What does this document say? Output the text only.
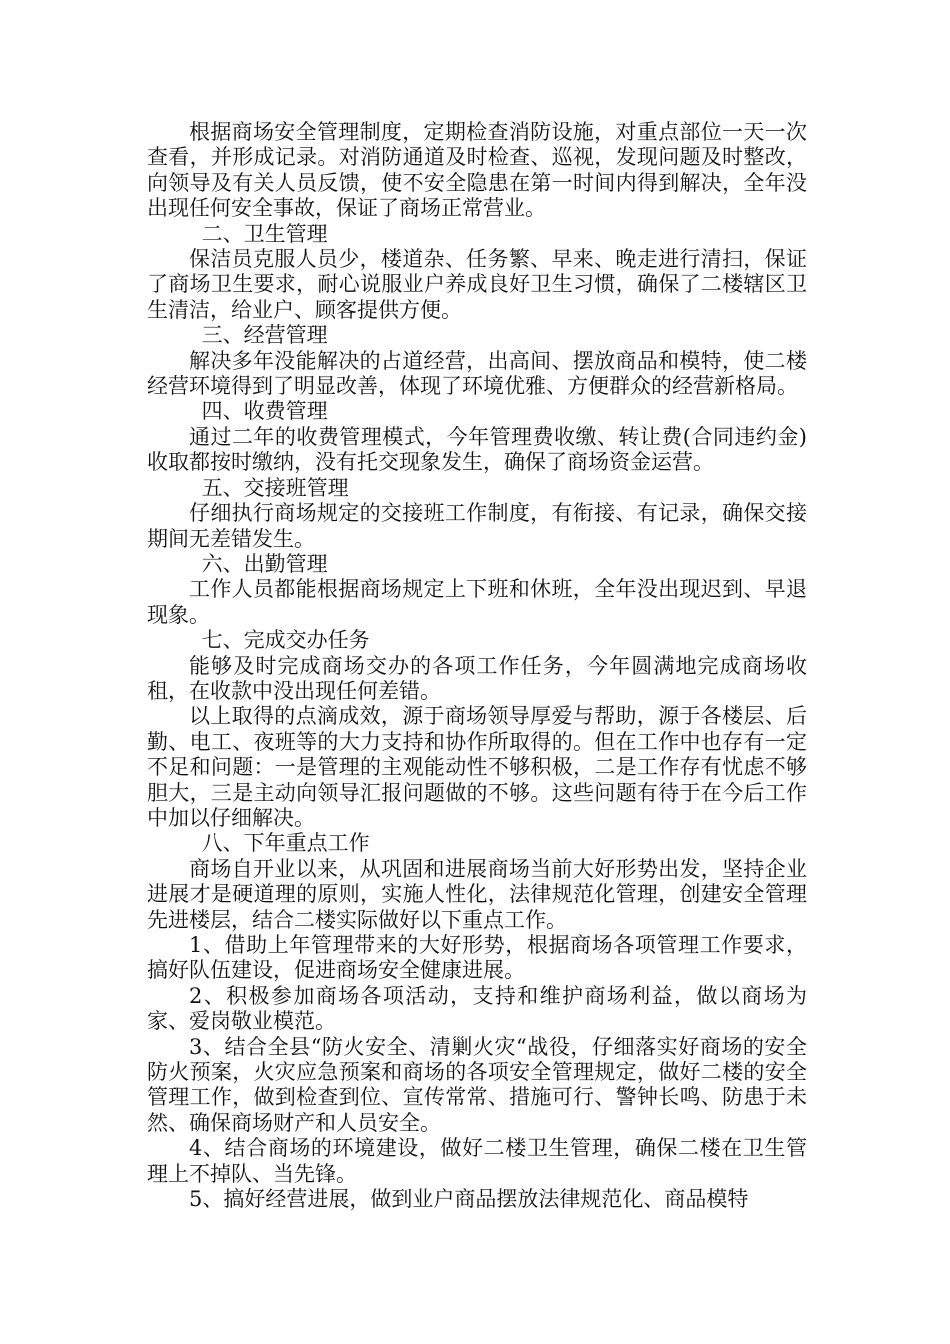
根据商场安全管理制度，定期检查消防设施，对重点部位一天一次查看，并形成记录。对消防通道及时检查、巡视，发现问题及时整改，向领导及有关人员反馈，使不安全隐患在第一时间内得到解决，全年没出现任何安全事故，保证了商场正常营业。

二、卫生管理

保洁员克服人员少，楼道杂、任务繁、早来、晚走进行清扫，保证了商场卫生要求，耐心说服业户养成良好卫生习惯，确保了二楼辖区卫生清洁，给业户、顾客提供方便。

三、经营管理

解决多年没能解决的占道经营，出高间、摆放商品和模特，使二楼经营环境得到了明显改善，体现了环境优雅、方便群众的经营新格局。

四、收费管理

通过二年的收费管理模式，今年管理费收缴、转让费(合同违约金)收取都按时缴纳，没有托交现象发生，确保了商场资金运营。

五、交接班管理

仔细执行商场规定的交接班工作制度，有衔接、有记录，确保交接期间无差错发生。

六、出勤管理

工作人员都能根据商场规定上下班和休班，全年没出现迟到、早退现象。

七、完成交办任务

能够及时完成商场交办的各项工作任务，今年圆满地完成商场收租，在收款中没出现任何差错。

以上取得的点滴成效，源于商场领导厚爱与帮助，源于各楼层、后勤、电工、夜班等的大力支持和协作所取得的。但在工作中也存有一定不足和问题：一是管理的主观能动性不够积极，二是工作存有忧虑不够胆大，三是主动向领导汇报问题做的不够。这些问题有待于在今后工作中加以仔细解决。

八、下年重点工作

商场自开业以来，从巩固和进展商场当前大好形势出发，坚持企业进展才是硬道理的原则，实施人性化，法律规范化管理，创建安全管理先进楼层，结合二楼实际做好以下重点工作。

1、借助上年管理带来的大好形势，根据商场各项管理工作要求，搞好队伍建设，促进商场安全健康进展。

2、积极参加商场各项活动，支持和维护商场利益，做以商场为家、爱岗敬业模范。

3、结合全县“防火安全、清剿火灾“战役，仔细落实好商场的安全防火预案，火灾应急预案和商场的各项安全管理规定，做好二楼的安全管理工作，做到检查到位、宣传常常、措施可行、警钟长鸣、防患于未然、确保商场财产和人员安全。

4、结合商场的环境建设，做好二楼卫生管理，确保二楼在卫生管理上不掉队、当先锋。

5、搞好经营进展，做到业户商品摆放法律规范化、商品模特
